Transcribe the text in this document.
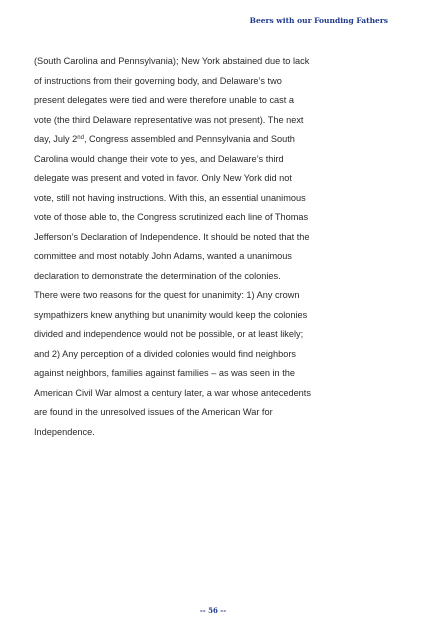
Beers with our Founding Fathers
(South Carolina and Pennsylvania); New York abstained due to lack
of instructions from their governing body, and Delaware’s two
present delegates were tied and were therefore unable to cast a
vote (the third Delaware representative was not present). The next
day, July 2nd, Congress assembled and Pennsylvania and South
Carolina would change their vote to yes, and Delaware’s third
delegate was present and voted in favor. Only New York did not
vote, still not having instructions. With this, an essential unanimous
vote of those able to, the Congress scrutinized each line of Thomas
Jefferson’s Declaration of Independence. It should be noted that the
committee and most notably John Adams, wanted a unanimous
declaration to demonstrate the determination of the colonies.
There were two reasons for the quest for unanimity: 1) Any crown
sympathizers knew anything but unanimity would keep the colonies
divided and independence would not be possible, or at least likely;
and 2) Any perception of a divided colonies would find neighbors
against neighbors, families against families – as was seen in the
American Civil War almost a century later, a war whose antecedents
are found in the unresolved issues of the American War for
Independence.
-- 56 --
